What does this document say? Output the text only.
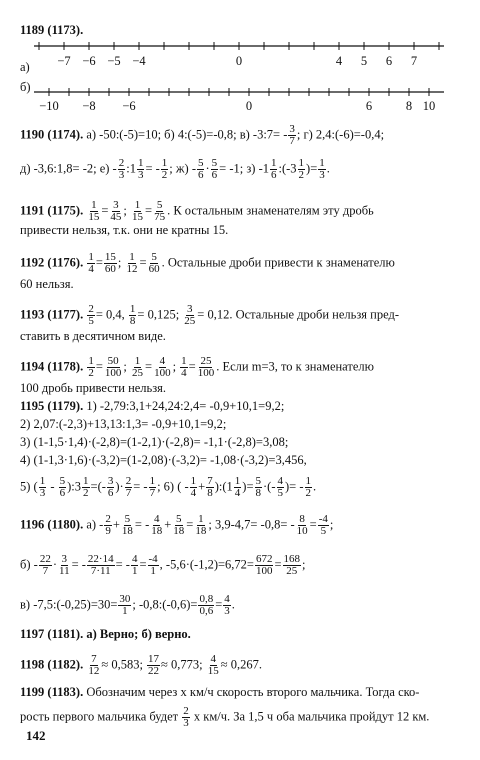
1189 (1173).
а) −7 −6 −5 −4	0	4 5 6 7
б)
−10 −8 −6	0	6	8 10
1190 (1174). а) -50:(-5)=10; б) 4:(-5)=-0,8; в) -3:7= - $\frac{3}{7}$ ; г) 2,4:(-6)=-0,4;
д) -3,6:1,8= -2; $е) - \frac{2}{3}$ :1 $\frac{1}{3}$ = - $\frac{1}{2}$ ; $ж) - \frac{5}{6} \cdot \frac{5}{6} = -1$; з) $-1 \frac{1}{6}$ :(-3 $\frac{1}{2}$ )= $\frac{1}{3}$ .
1191 (1175). $\frac{1}{15} = \frac{3}{45}$ ; $\frac{1}{15} = \frac{5}{75}$ . К остальным знаменателям эту дробь
привести нельзя, т.к. они не кратны 15.
1192 (1176). $\frac{1}{4} = \frac{15}{60}$ ; $\frac{1}{12} = \frac{5}{60}$ . Остальные дроби привести к знаменателю
60 нельзя.
1193 (1177). $\frac{2}{5} = 0,4$, $\frac{1}{8} = 0,125$; $\frac{3}{25} = 0,12$. Остальные дроби нельзя пред-
ставить в десятичном виде.
1194 (1178). $\frac{1}{2} = \frac{50}{100}$ ; $\frac{1}{25} = \frac{4}{100}$ ; $\frac{1}{4} = \frac{25}{100}$ . Если m=3, то к знаменателю
100 дробь привести нельзя.
1195 (1179). 1) -2,79:3,1+24,24:2,4= -0,9+10,1=9,2;
2) 2,07:(-2,3)+13,13:1,3= -0,9+10,1=9,2;
3) (1-1,5·1,4)·(-2,8)=(1-2,1)·(-2,8)= -1,1·(-2,8)=3,08;
4) (1-1,3·1,6)·(-3,2)=(1-2,08)·(-3,2)= -1,08·(-3,2)=3,456,
5) ( $\frac{1}{3} - \frac{5}{6}$ ):3 $\frac{1}{2}$ =(- $\frac{3}{6}$ )· $\frac{2}{7}$ = - $\frac{1}{7}$ ; 6) ( - $\frac{1}{4} + \frac{7}{8}$ ):(1 $\frac{1}{4}$ )= $\frac{5}{8}$ ·(- $\frac{4}{5}$ )= - $\frac{1}{2}$ .
1196 (1180). $а) - \frac{2}{9} + \frac{5}{18}$ = - $\frac{4}{18} + \frac{5}{18} = \frac{1}{18}$ ; $3,9-4,7= -0,8= - \frac{8}{10} = \frac{-4}{5}$ ;
$б) - \frac{22}{7} \cdot \frac{3}{11}$ = - $\frac{22\cdot 14}{7\cdot 11}$ = - $\frac{4}{1} = \frac{-4}{1}$ , $-5,6\cdot(-1,2)=6,72= \frac{672}{100} = \frac{168}{25}$ ;
в) -7,5:(-0,25)=30= $\frac{30}{1}$ ; -0,8:(-0,6)= $\frac{0,8}{0,6} = \frac{4}{3}$ .
1197 (1181). а) Верно; б) верно.
1198 (1182). $\frac{7}{12} \approx 0,583$; $\frac{17}{22} \approx 0,773$; $\frac{4}{15} \approx 0,267$.
1199 (1183). Обозначим через x км/ч скорость второго мальчика. Тогда ско-
рость первого мальчика будет $\frac{2}{3}$ x км/ч. За 1,5 ч оба мальчика пройдут 12 км.
142
